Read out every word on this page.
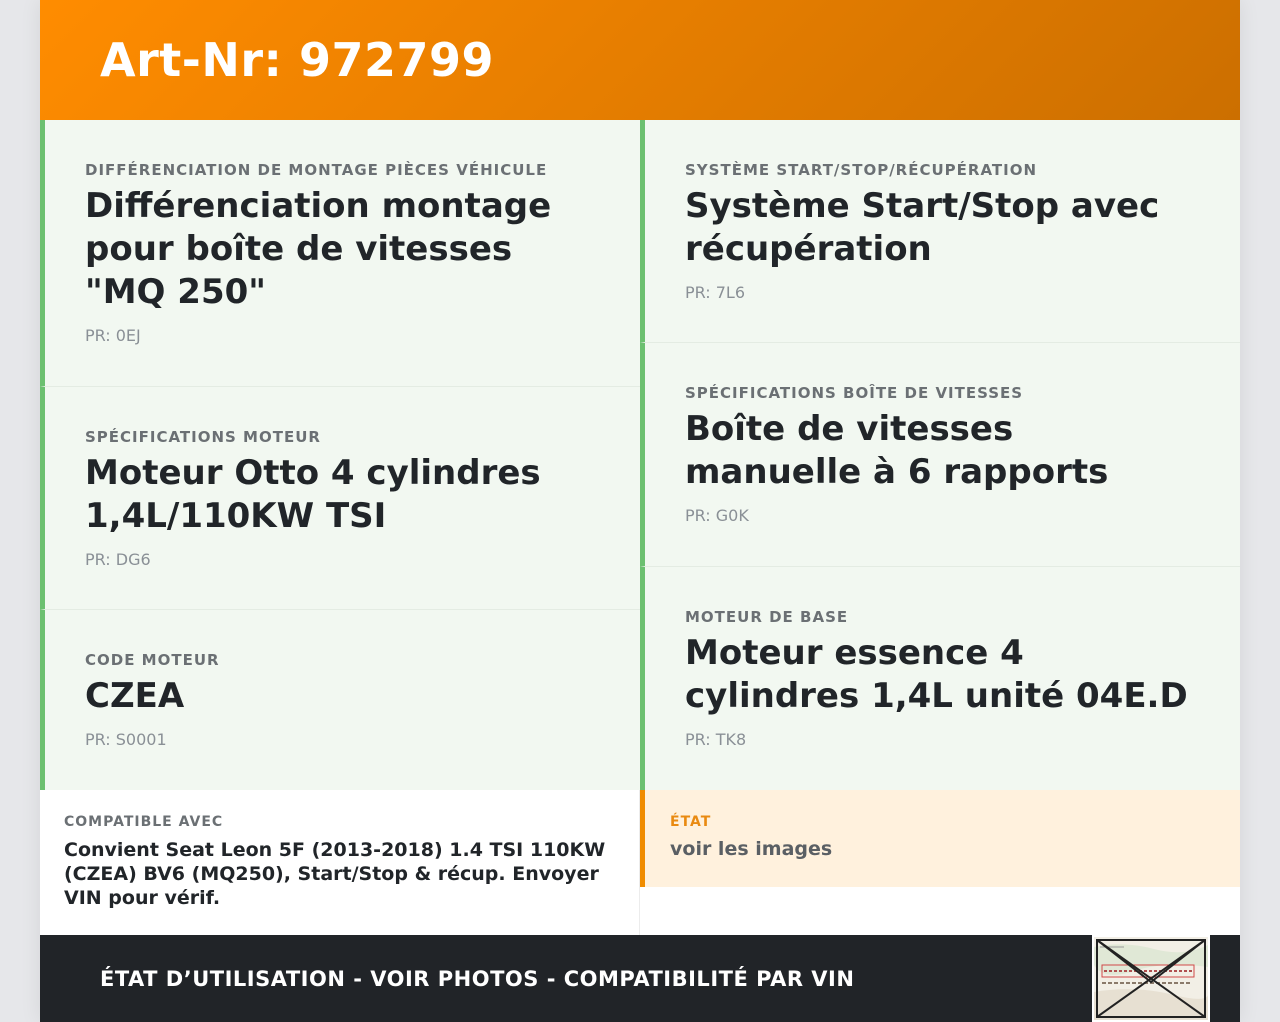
Art-Nr: 972799
DIFFÉRENCIATION DE MONTAGE PIÈCES VÉHICULE
Différenciation montage pour boîte de vitesses "MQ 250"
PR: 0EJ
SPÉCIFICATIONS MOTEUR
Moteur Otto 4 cylindres 1,4L/110KW TSI
PR: DG6
CODE MOTEUR
CZEA
PR: S0001
SYSTÈME START/STOP/RÉCUPÉRATION
Système Start/Stop avec récupération
PR: 7L6
SPÉCIFICATIONS BOÎTE DE VITESSES
Boîte de vitesses manuelle à 6 rapports
PR: G0K
MOTEUR DE BASE
Moteur essence 4 cylindres 1,4L unité 04E.D
PR: TK8
COMPATIBLE AVEC
Convient Seat Leon 5F (2013-2018) 1.4 TSI 110KW (CZEA) BV6 (MQ250), Start/Stop & récup. Envoyer VIN pour vérif.
ÉTAT
voir les images
ÉTAT D’UTILISATION - VOIR PHOTOS - COMPATIBILITÉ PAR VIN
